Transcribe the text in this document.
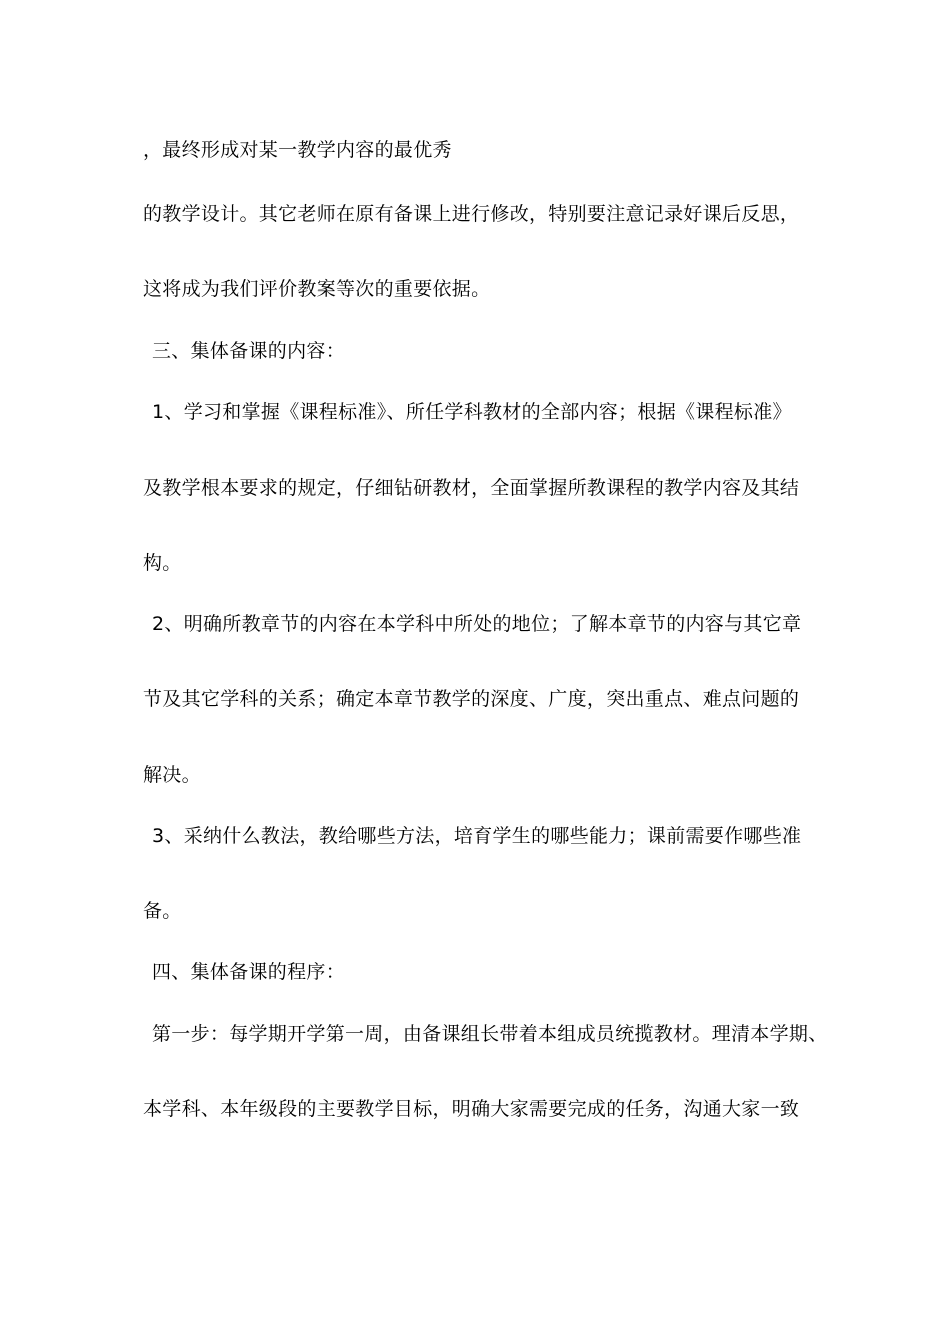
，最终形成对某一教学内容的最优秀
的教学设计。其它老师在原有备课上进行修改，特别要注意记录好课后反思，
这将成为我们评价教案等次的重要依据。
三、集体备课的内容：
1、学习和掌握《课程标准》、所任学科教材的全部内容；根据《课程标准》
及教学根本要求的规定，仔细钻研教材，全面掌握所教课程的教学内容及其结
构。
2、明确所教章节的内容在本学科中所处的地位；了解本章节的内容与其它章
节及其它学科的关系；确定本章节教学的深度、广度，突出重点、难点问题的
解决。
3、采纳什么教法，教给哪些方法，培育学生的哪些能力；课前需要作哪些准
备。
四、集体备课的程序：
第一步：每学期开学第一周，由备课组长带着本组成员统揽教材。理清本学期、
本学科、本年级段的主要教学目标，明确大家需要完成的任务，沟通大家一致
